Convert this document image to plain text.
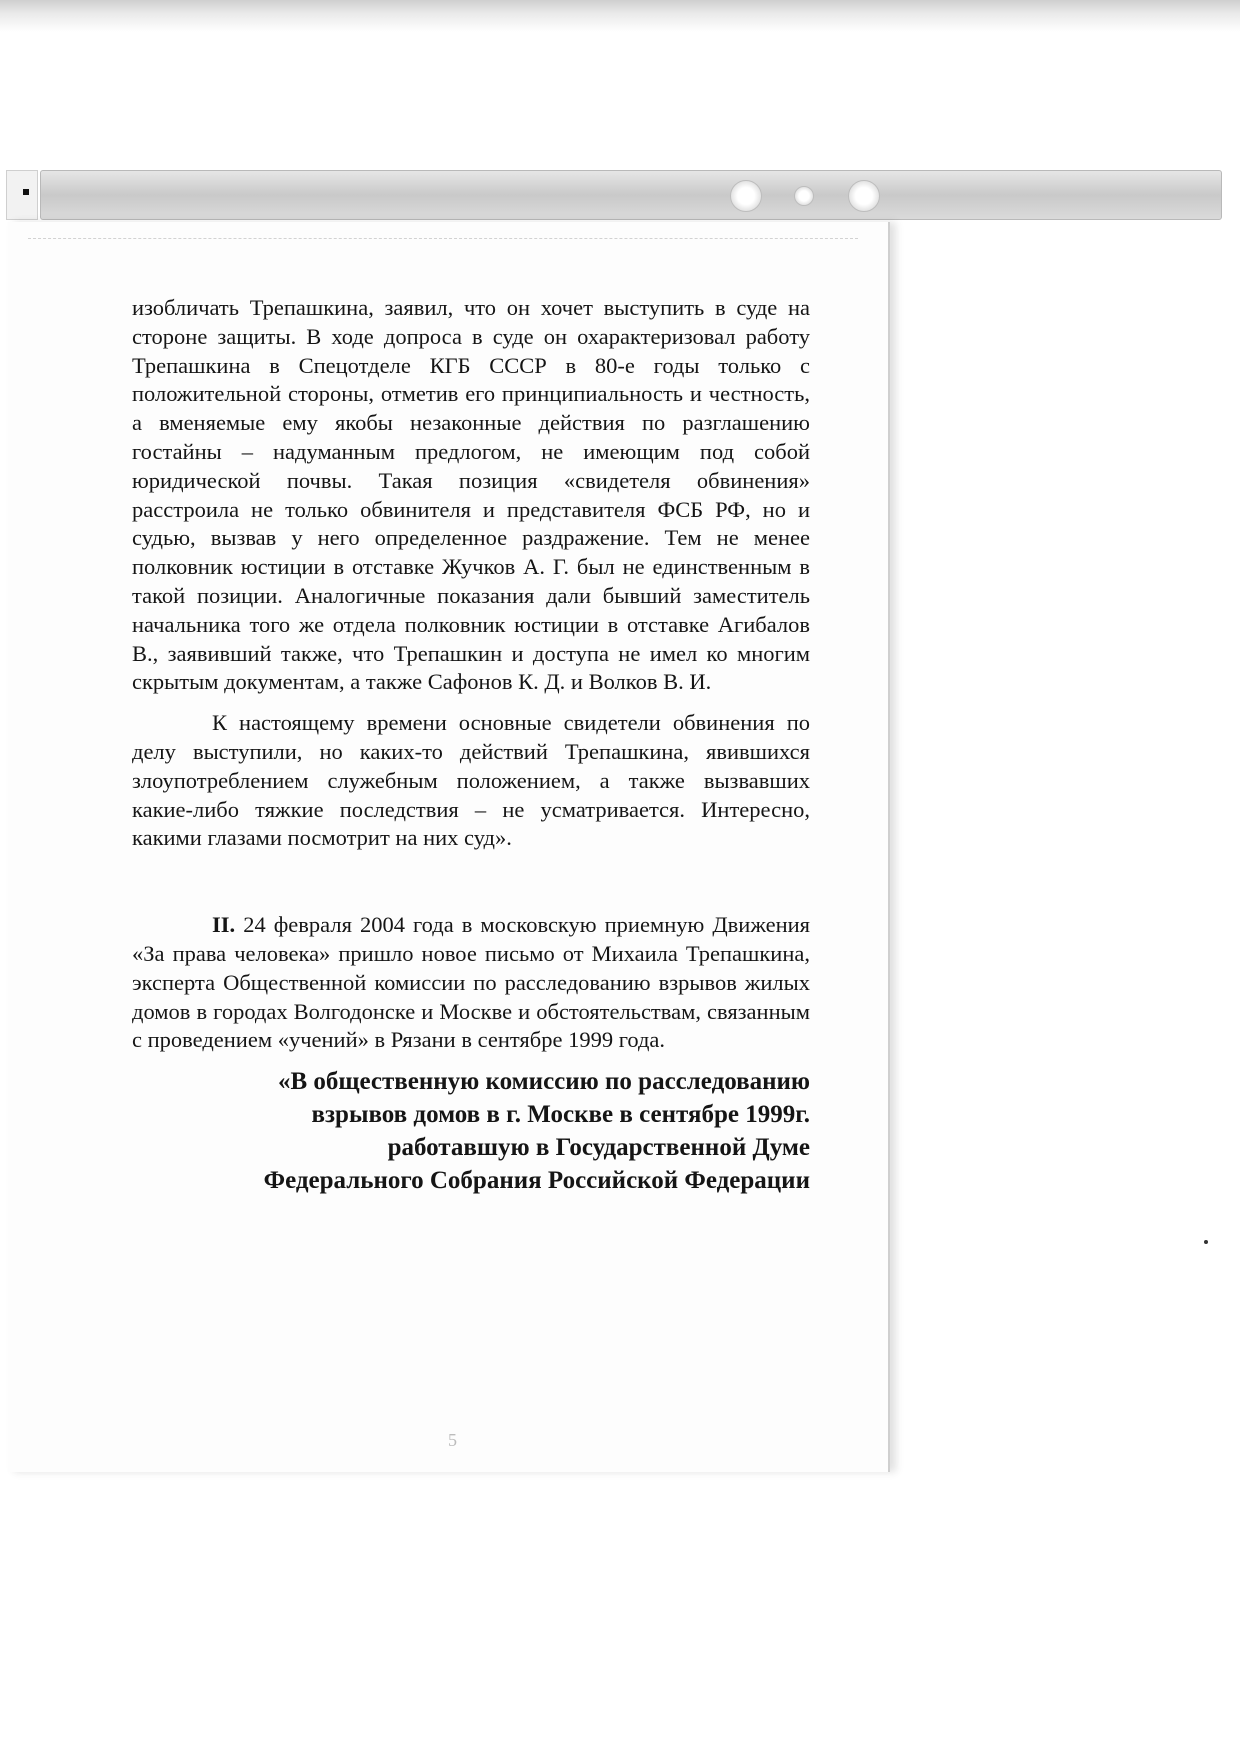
изобличать Трепашкина, заявил, что он хочет выступить в суде на стороне защиты. В ходе допроса в суде он охарактеризовал работу Трепашкина в Спецотделе КГБ СССР в 80-е годы только с положительной стороны, отметив его принципиальность и честность, а вменяемые ему якобы незаконные действия по разглашению гостайны – надуманным предлогом, не имеющим под собой юридической почвы. Такая позиция «свидетеля обвинения» расстроила не только обвинителя и представителя ФСБ РФ, но и судью, вызвав у него определенное раздражение. Тем не менее полковник юстиции в отставке Жучков А. Г. был не единственным в такой позиции. Аналогичные показания дали бывший заместитель начальника того же отдела полковник юстиции в отставке Агибалов В., заявивший также, что Трепашкин и доступа не имел ко многим скрытым документам, а также Сафонов К. Д. и Волков В. И.

К настоящему времени основные свидетели обвинения по делу выступили, но каких-то действий Трепашкина, явившихся злоупотреблением служебным положением, а также вызвавших какие-либо тяжкие последствия – не усматривается. Интересно, какими глазами посмотрит на них суд».

II. 24 февраля 2004 года в московскую приемную Движения «За права человека» пришло новое письмо от Михаила Трепашкина, эксперта Общественной комиссии по расследованию взрывов жилых домов в городах Волгодонске и Москве и обстоятельствам, связанным с проведением «учений» в Рязани в сентябре 1999 года.

«В общественную комиссию по расследованию
взрывов домов в г. Москве в сентябре 1999г.
работавшую в Государственной Думе
Федерального Собрания Российской Федерации
5
